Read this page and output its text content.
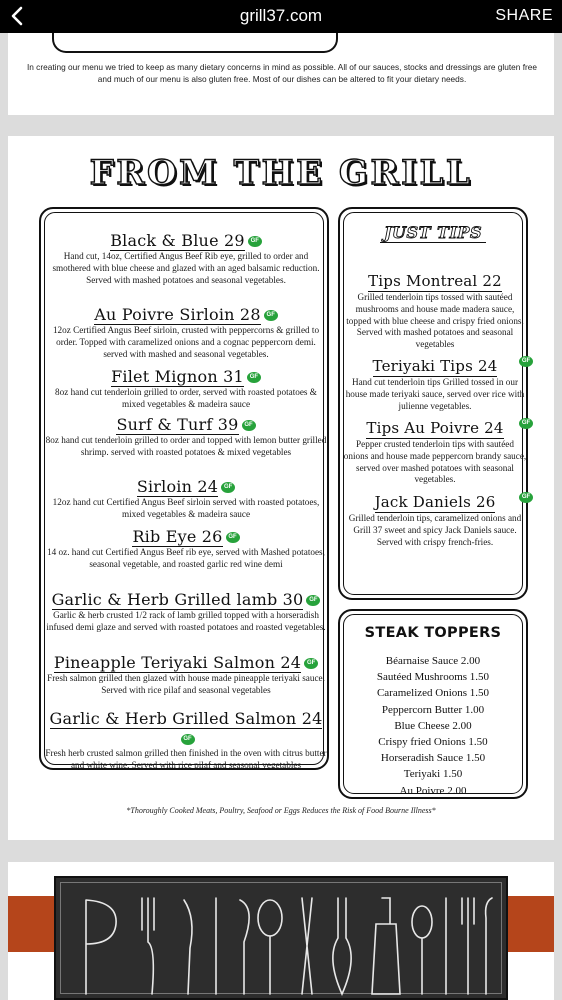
grill37.com	SHARE
In creating our menu we tried to keep as many dietary concerns in mind as possible. All of our sauces, stocks and dressings are gluten free and much of our menu is also gluten free. Most of our dishes can be altered to fit your dietary needs.
FROM THE GRILL
Black & Blue 29 GF

Hand cut, 14oz, Certified Angus Beef Rib eye, grilled to order and smothered with blue cheese and glazed with an aged balsamic reduction. Served with mashed potatoes and seasonal vegetables.

Au Poivre Sirloin 28 GF

12oz Certified Angus Beef sirloin, crusted with peppercorns & grilled to order. Topped with caramelized onions and a cognac peppercorn demi. served with mashed and seasonal vegetables.

Filet Mignon 31 GF

8oz hand cut tenderloin grilled to order, served with roasted potatoes & mixed vegetables & madeira sauce

Surf & Turf 39 GF

8oz hand cut tenderloin grilled to order and topped with lemon butter grilled shrimp. served with roasted potatoes & mixed vegetables

Sirloin 24 GF

12oz hand cut Certified Angus Beef sirloin served with roasted potatoes, mixed vegetables & madeira sauce

Rib Eye 26 GF

14 oz. hand cut Certified Angus Beef rib eye, served with Mashed potatoes, seasonal vegetable, and roasted garlic red wine demi

Garlic & Herb Grilled lamb 30 GF

Garlic & herb crusted 1/2 rack of lamb grilled topped with a horseradish infused demi glaze and served with roasted potatoes and roasted vegetables.

Pineapple Teriyaki Salmon 24 GF

Fresh salmon grilled then glazed with house made pineapple teriyaki sauce. Served with rice pilaf and seasonal vegetables

Garlic & Herb Grilled Salmon 24GF

Fresh herb crusted salmon grilled then finished in the oven with citrus butter and white wine. Served with rice pilaf and seasonal vegetables

JUST TIPS
Tips Montreal 22

Grilled tenderloin tips tossed with sautéed mushrooms and house made madera sauce, topped with blue cheese and crispy fried onions. Served with mashed potatoes and seasonal vegetables

Teriyaki Tips 24	GF

Hand cut tenderloin tips Grilled tossed in our house made teriyaki sauce, served over rice with julienne vegetables.

Tips Au Poivre 24	GF

Pepper crusted tenderloin tips with sautéed onions and house made peppercorn brandy sauce, served over mashed potatoes with seasonal vegetables.

Jack Daniels 26	GF

Grilled tenderloin tips, caramelized onions and Grill 37 sweet and spicy Jack Daniels sauce. Served with crispy french-fries.

STEAK TOPPERS
Béarnaise Sauce 2.00
Sautéed Mushrooms 1.50
Caramelized Onions 1.50
Peppercorn Butter 1.00
Blue Cheese 2.00
Crispy fried Onions 1.50
Horseradish Sauce 1.50
Teriyaki 1.50
Au Poivre 2.00
*Thoroughly Cooked Meats, Poultry, Seafood or Eggs Reduces the Risk of Food Bourne Illness*
